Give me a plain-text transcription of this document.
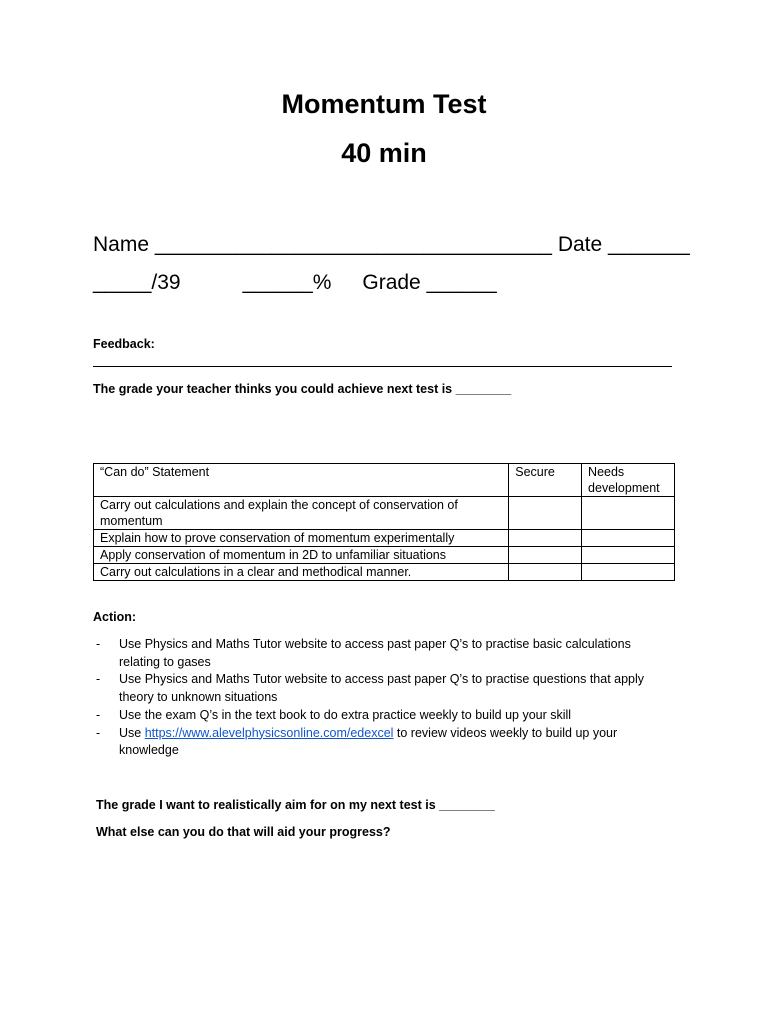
Momentum Test
40 min
Name __________________________________ Date _______
_____/39	______% Grade ______
Feedback:
The grade your teacher thinks you could achieve next test is ________
“Can do” Statement	Secure	Needs development
Carry out calculations and explain the concept of conservation of momentum		
Explain how to prove conservation of momentum experimentally		
Apply conservation of momentum in 2D to unfamiliar situations		
Carry out calculations in a clear and methodical manner.		
Action:
- Use Physics and Maths Tutor website to access past paper Q’s to practise basic calculations relating to gases
- Use Physics and Maths Tutor website to access past paper Q’s to practise questions that apply theory to unknown situations
- Use the exam Q’s in the text book to do extra practice weekly to build up your skill
- Use https://www.alevelphysicsonline.com/edexcel to review videos weekly to build up your knowledge
The grade I want to realistically aim for on my next test is ________
What else can you do that will aid your progress?
